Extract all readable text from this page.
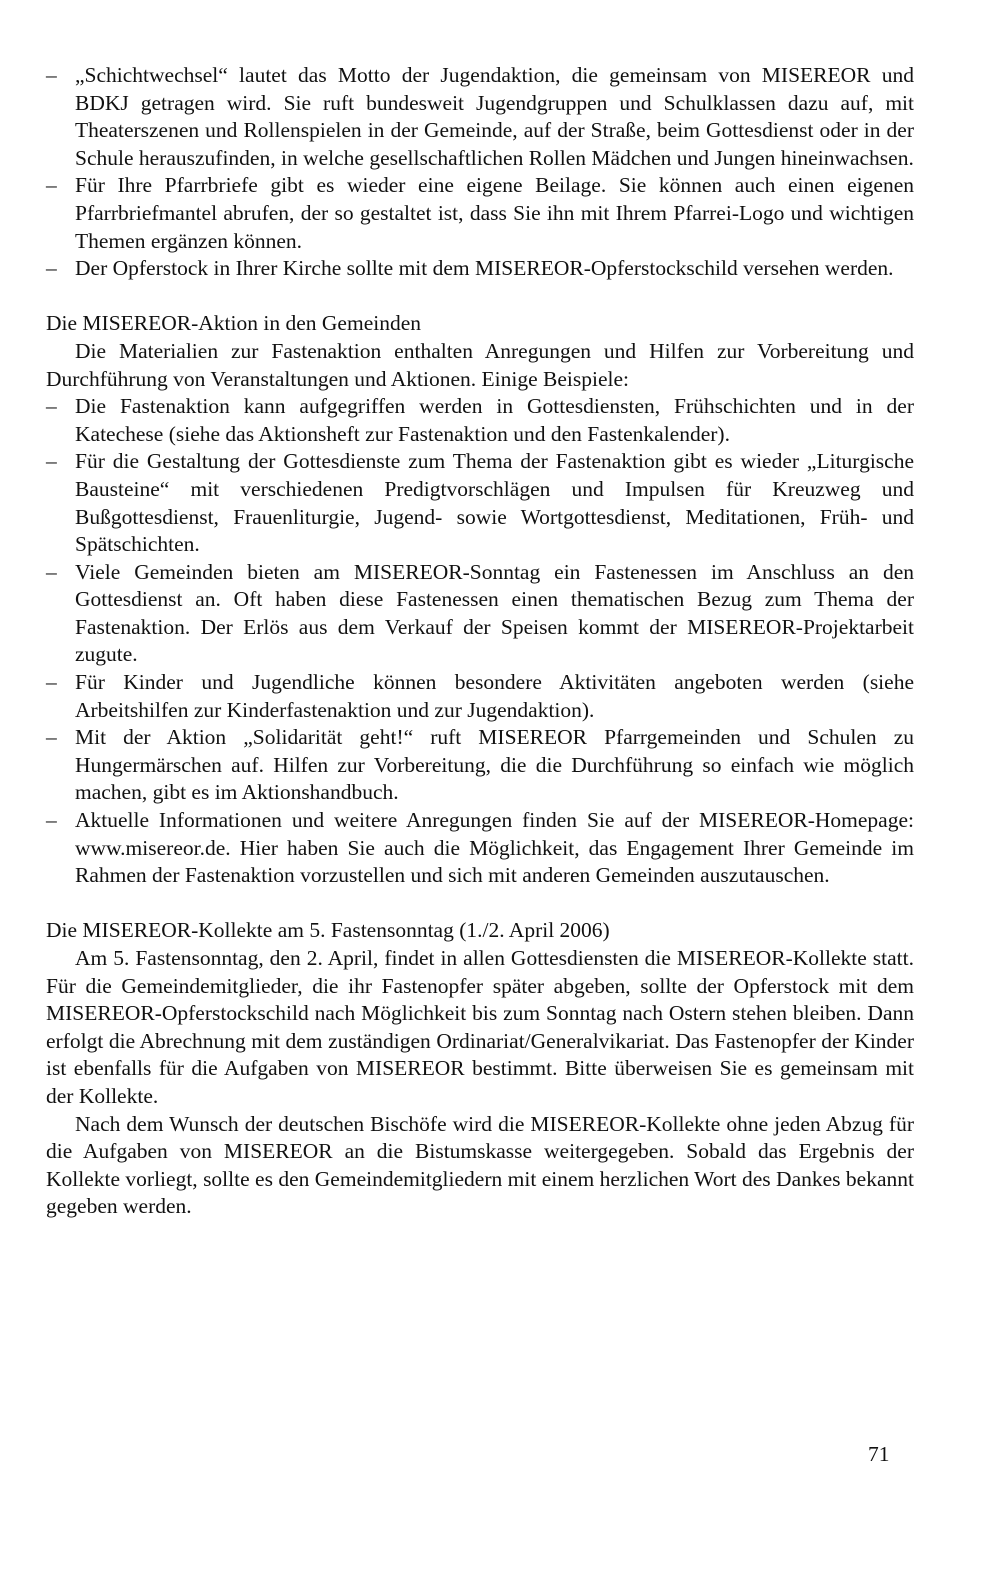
– „Schichtwechsel“ lautet das Motto der Jugendaktion, die gemeinsam von MISEREOR und BDKJ getragen wird. Sie ruft bundesweit Jugendgruppen und Schulklassen dazu auf, mit Theaterszenen und Rollenspielen in der Gemeinde, auf der Straße, beim Gottesdienst oder in der Schule herauszufinden, in welche gesellschaftlichen Rollen Mädchen und Jungen hineinwachsen.
– Für Ihre Pfarrbriefe gibt es wieder eine eigene Beilage. Sie können auch einen eigenen Pfarrbriefmantel abrufen, der so gestaltet ist, dass Sie ihn mit Ihrem Pfarrei-Logo und wichtigen Themen ergänzen können.
– Der Opferstock in Ihrer Kirche sollte mit dem MISEREOR-Opferstockschild versehen werden.
Die MISEREOR-Aktion in den Gemeinden
Die Materialien zur Fastenaktion enthalten Anregungen und Hilfen zur Vorbereitung und Durchführung von Veranstaltungen und Aktionen. Einige Beispiele:
– Die Fastenaktion kann aufgegriffen werden in Gottesdiensten, Frühschichten und in der Katechese (siehe das Aktionsheft zur Fastenaktion und den Fastenkalender).
– Für die Gestaltung der Gottesdienste zum Thema der Fastenaktion gibt es wieder „Liturgische Bausteine“ mit verschiedenen Predigtvorschlägen und Impulsen für Kreuzweg und Bußgottesdienst, Frauenliturgie, Jugend- sowie Wortgottesdienst, Meditationen, Früh- und Spätschichten.
– Viele Gemeinden bieten am MISEREOR-Sonntag ein Fastenessen im Anschluss an den Gottesdienst an. Oft haben diese Fastenessen einen thematischen Bezug zum Thema der Fastenaktion. Der Erlös aus dem Verkauf der Speisen kommt der MISEREOR-Projektarbeit zugute.
– Für Kinder und Jugendliche können besondere Aktivitäten angeboten werden (siehe Arbeitshilfen zur Kinderfastenaktion und zur Jugendaktion).
– Mit der Aktion „Solidarität geht!“ ruft MISEREOR Pfarrgemeinden und Schulen zu Hungermärschen auf. Hilfen zur Vorbereitung, die die Durchführung so einfach wie möglich machen, gibt es im Aktionshandbuch.
– Aktuelle Informationen und weitere Anregungen finden Sie auf der MISEREOR-Homepage: www.misereor.de. Hier haben Sie auch die Möglichkeit, das Engagement Ihrer Gemeinde im Rahmen der Fastenaktion vorzustellen und sich mit anderen Gemeinden auszutauschen.
Die MISEREOR-Kollekte am 5. Fastensonntag (1./2. April 2006)
Am 5. Fastensonntag, den 2. April, findet in allen Gottesdiensten die MISEREOR-Kollekte statt. Für die Gemeindemitglieder, die ihr Fastenopfer später abgeben, sollte der Opferstock mit dem MISEREOR-Opferstockschild nach Möglichkeit bis zum Sonntag nach Ostern stehen bleiben. Dann erfolgt die Abrechnung mit dem zuständigen Ordinariat/Generalvikariat. Das Fastenopfer der Kinder ist ebenfalls für die Aufgaben von MISEREOR bestimmt. Bitte überweisen Sie es gemeinsam mit der Kollekte.
Nach dem Wunsch der deutschen Bischöfe wird die MISEREOR-Kollekte ohne jeden Abzug für die Aufgaben von MISEREOR an die Bistumskasse weitergegeben. Sobald das Ergebnis der Kollekte vorliegt, sollte es den Gemeindemitgliedern mit einem herzlichen Wort des Dankes bekannt gegeben werden.
71
